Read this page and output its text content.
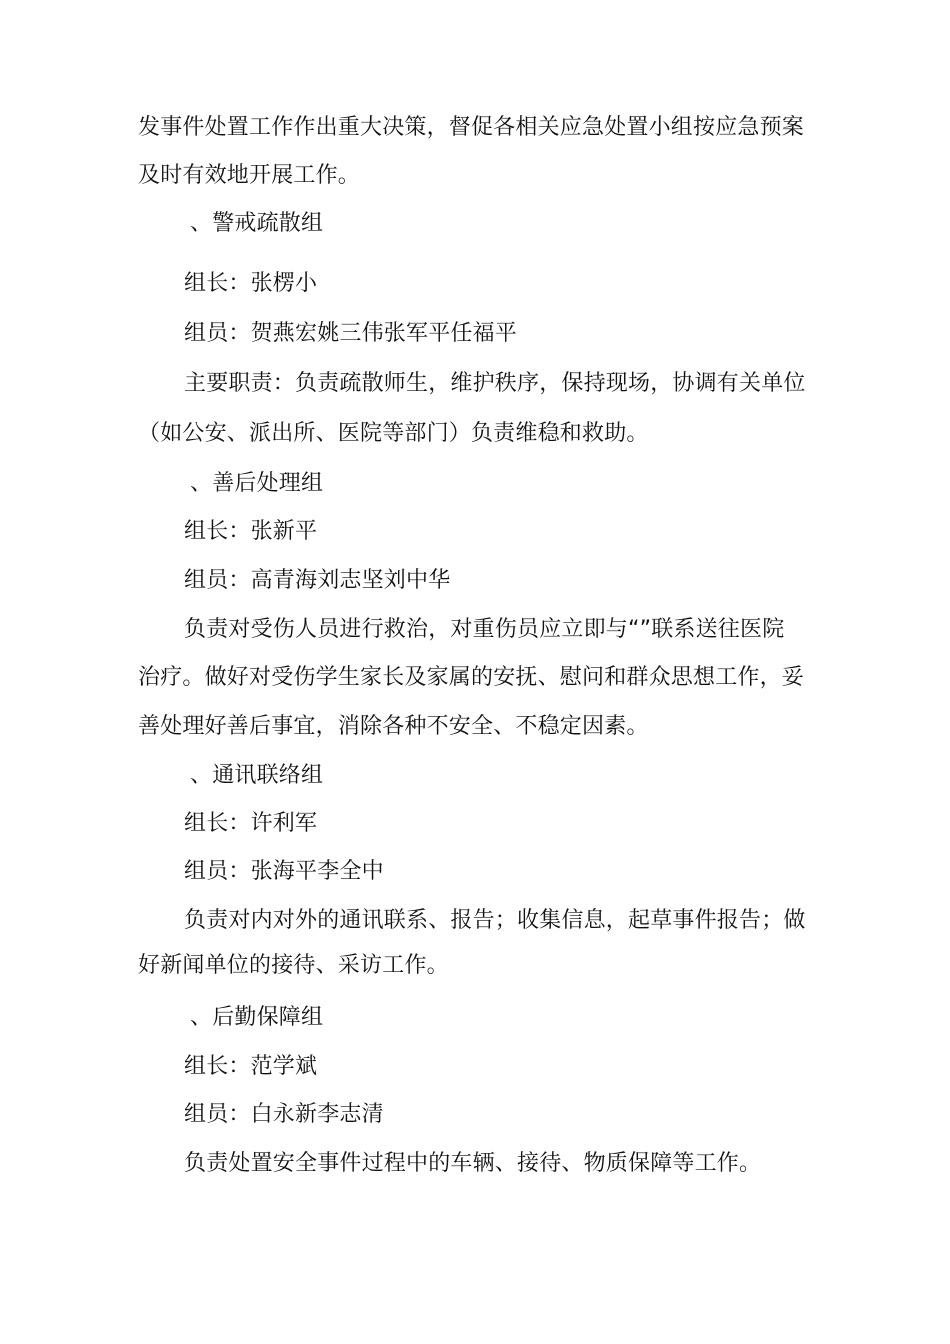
发事件处置工作作出重大决策，督促各相关应急处置小组按应急预案
及时有效地开展工作。
、警戒疏散组
组长：张楞小
组员：贺燕宏姚三伟张军平任福平
主要职责：负责疏散师生，维护秩序，保持现场，协调有关单位
（如公安、派出所、医院等部门）负责维稳和救助。
、善后处理组
组长：张新平
组员：高青海刘志坚刘中华
负责对受伤人员进行救治，对重伤员应立即与“”联系送往医院
治疗。做好对受伤学生家长及家属的安抚、慰问和群众思想工作，妥
善处理好善后事宜，消除各种不安全、不稳定因素。
、通讯联络组
组长：许利军
组员：张海平李全中
负责对内对外的通讯联系、报告；收集信息，起草事件报告；做
好新闻单位的接待、采访工作。
、后勤保障组
组长：范学斌
组员：白永新李志清
负责处置安全事件过程中的车辆、接待、物质保障等工作。
